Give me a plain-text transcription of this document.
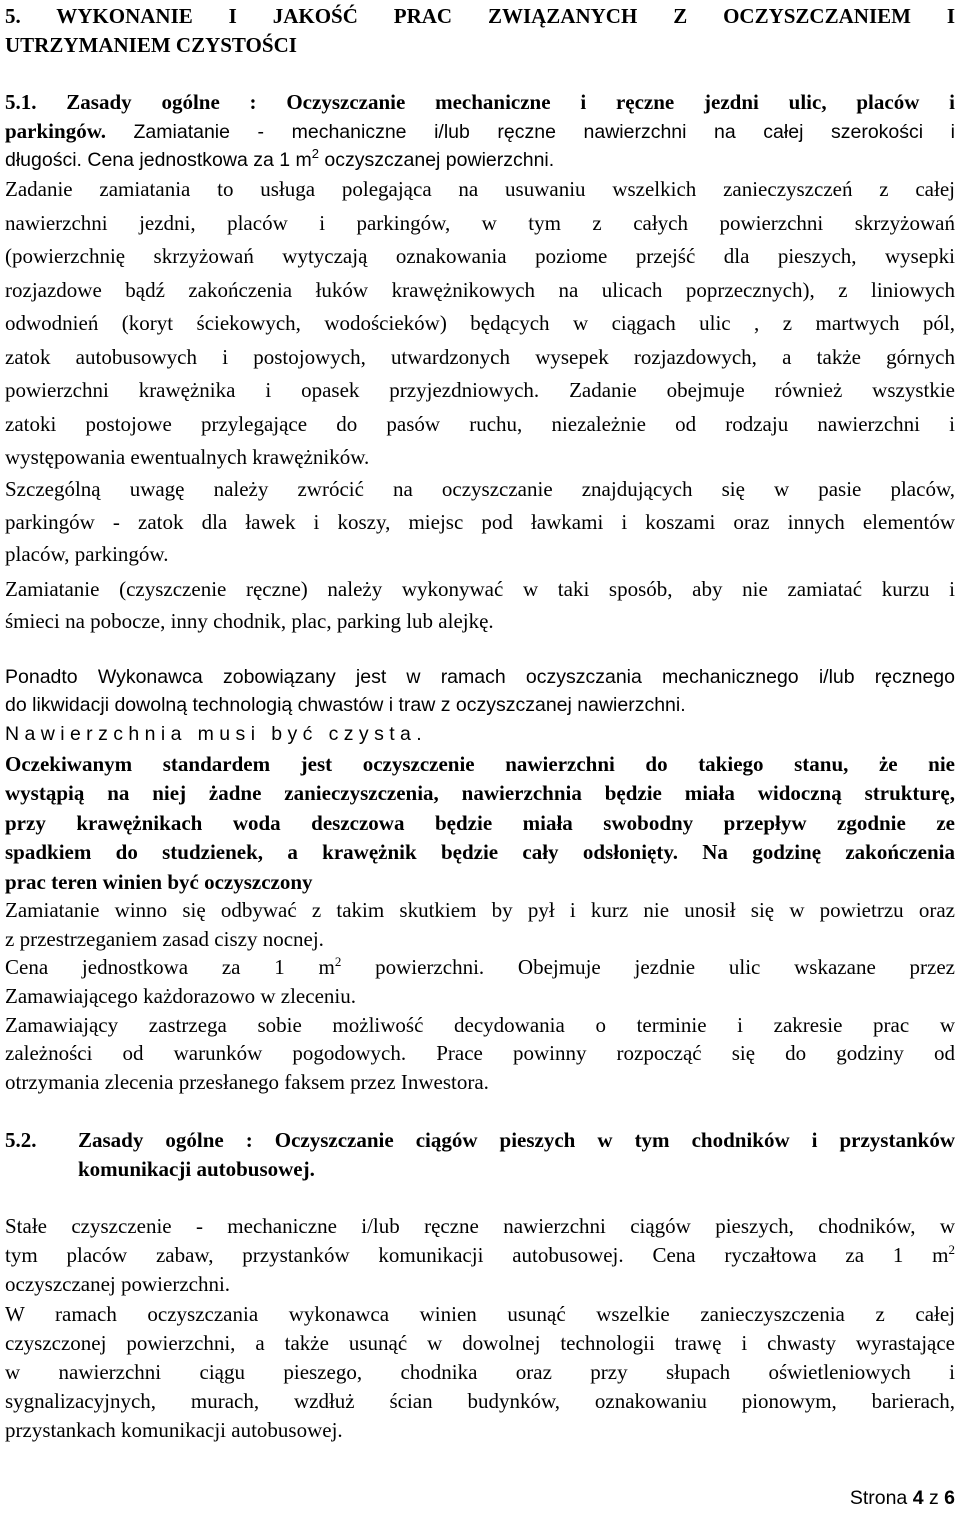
5. WYKONANIE I JAKOŚĆ PRAC ZWIĄZANYCH Z OCZYSZCZANIEM I
UTRZYMANIEM CZYSTOŚCI
5.1. Zasady ogólne : Oczyszczanie mechaniczne i ręczne jezdni ulic, placów i
parkingów. Zamiatanie - mechaniczne i/lub ręczne nawierzchni na całej szerokości i
długości. Cena jednostkowa za 1 $m^2$ oczyszczanej powierzchni.
Zadanie zamiatania to usługa polegająca na usuwaniu wszelkich zanieczyszczeń z całej
nawierzchni jezdni, placów i parkingów, w tym z całych powierzchni skrzyżowań
(powierzchnię skrzyżowań wytyczają oznakowania poziome przejść dla pieszych, wysepki
rozjazdowe bądź zakończenia łuków krawężnikowych na ulicach poprzecznych), z liniowych
odwodnień (koryt ściekowych, wodościeków) będących w ciągach ulic , z martwych pól,
zatok autobusowych i postojowych, utwardzonych wysepek rozjazdowych, a także górnych
powierzchni krawężnika i opasek przyjezdniowych. Zadanie obejmuje również wszystkie
zatoki postojowe przylegające do pasów ruchu, niezależnie od rodzaju nawierzchni i
występowania ewentualnych krawężników.
Szczególną uwagę należy zwrócić na oczyszczanie znajdujących się w pasie placów,
parkingów - zatok dla ławek i koszy, miejsc pod ławkami i koszami oraz innych elementów
placów, parkingów.
Zamiatanie (czyszczenie ręczne) należy wykonywać w taki sposób, aby nie zamiatać kurzu i
śmieci na pobocze, inny chodnik, plac, parking lub alejkę.
Ponadto Wykonawca zobowiązany jest w ramach oczyszczania mechanicznego i/lub ręcznego
do likwidacji dowolną technologią chwastów i traw z oczyszczanej nawierzchni.
Nawierzchnia musi być czysta.
Oczekiwanym standardem jest oczyszczenie nawierzchni do takiego stanu, że nie
wystąpią na niej żadne zanieczyszczenia, nawierzchnia będzie miała widoczną strukturę,
przy krawężnikach woda deszczowa będzie miała swobodny przepływ zgodnie ze
spadkiem do studzienek, a krawężnik będzie cały odsłonięty. Na godzinę zakończenia
prac teren winien być oczyszczony
Zamiatanie winno się odbywać z takim skutkiem by pył i kurz nie unosił się w powietrzu oraz
z przestrzeganiem zasad ciszy nocnej.
Cena jednostkowa za 1 $m^2$ powierzchni. Obejmuje jezdnie ulic wskazane przez
Zamawiającego każdorazowo w zleceniu.
Zamawiający zastrzega sobie możliwość decydowania o terminie i zakresie prac w
zależności od warunków pogodowych. Prace powinny rozpocząć się do godziny od
otrzymania zlecenia przesłanego faksem przez Inwestora.
5.2.	Zasady ogólne : Oczyszczanie ciągów pieszych w tym chodników i przystanków
komunikacji autobusowej.
Stałe czyszczenie - mechaniczne i/lub ręczne nawierzchni ciągów pieszych, chodników, w
tym placów zabaw, przystanków komunikacji autobusowej. Cena ryczałtowa za 1 $m^2$
oczyszczanej powierzchni.
W ramach oczyszczania wykonawca winien usunąć wszelkie zanieczyszczenia z całej
czyszczonej powierzchni, a także usunąć w dowolnej technologii trawę i chwasty wyrastające
w nawierzchni ciągu pieszego, chodnika oraz przy słupach oświetleniowych i
sygnalizacyjnych, murach, wzdłuż ścian budynków, oznakowaniu pionowym, barierach,
przystankach komunikacji autobusowej.
Strona 4 z 6
